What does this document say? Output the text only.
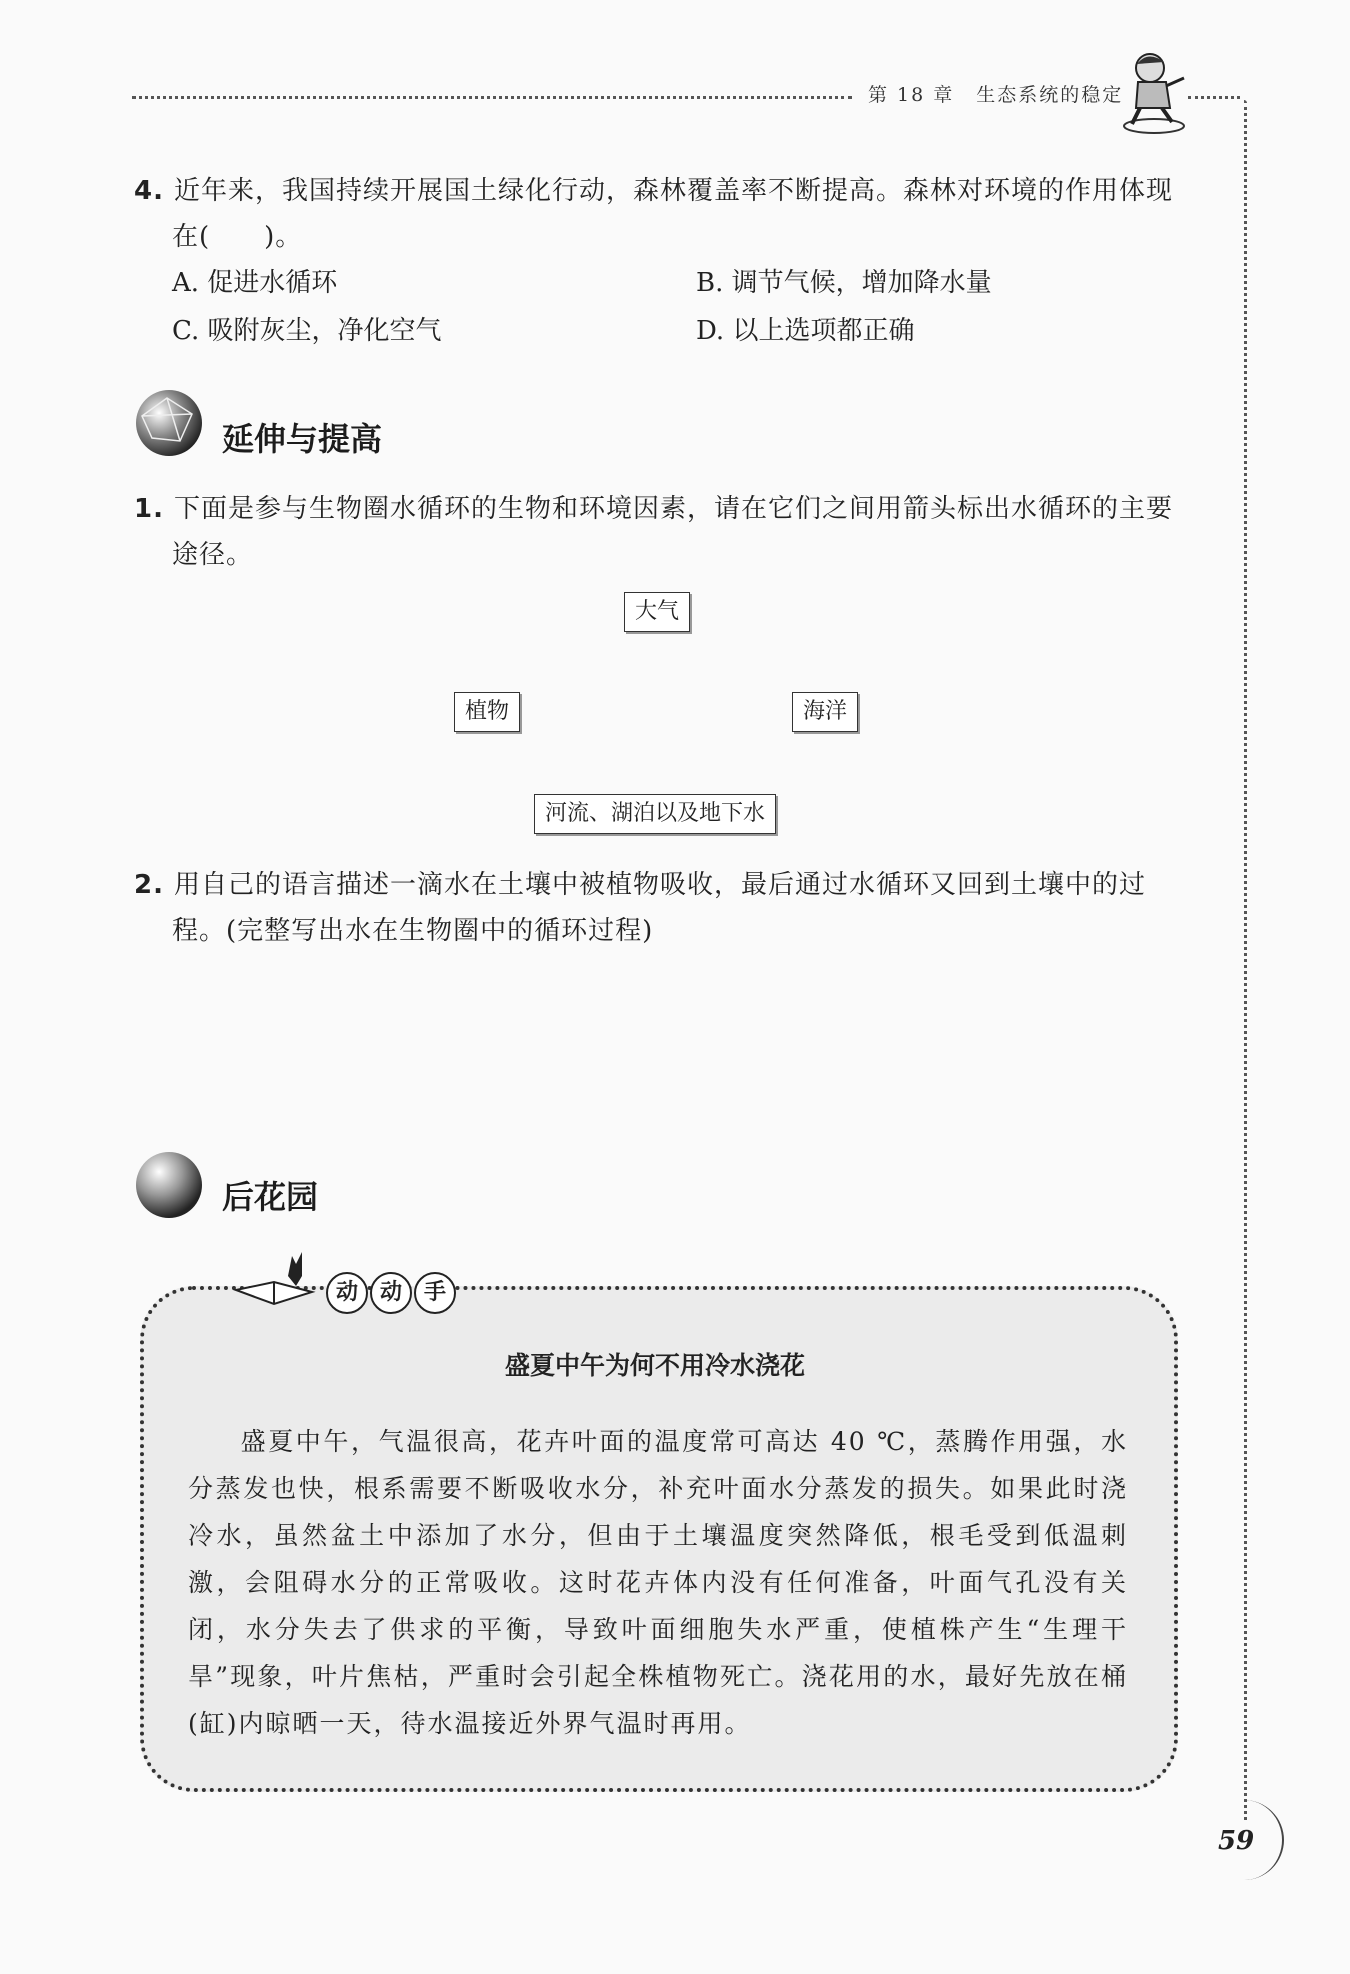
第 18 章 生态系统的稳定
4. 近年来，我国持续开展国土绿化行动，森林覆盖率不断提高。森林对环境的作用体现
在(　　)。
A. 促进水循环	B. 调节气候，增加降水量
C. 吸附灰尘，净化空气	D. 以上选项都正确
延伸与提高
1. 下面是参与生物圈水循环的生物和环境因素，请在它们之间用箭头标出水循环的主要
途径。
大气
植物	海洋
河流、湖泊以及地下水
2. 用自己的语言描述一滴水在土壤中被植物吸收，最后通过水循环又回到土壤中的过
程。(完整写出水在生物圈中的循环过程)
后花园
动 动 手
盛夏中午为何不用冷水浇花
盛夏中午，气温很高，花卉叶面的温度常可高达 40 ℃，蒸腾作用强，水分蒸发也快，根系需要不断吸收水分，补充叶面水分蒸发的损失。如果此时浇冷水，虽然盆土中添加了水分，但由于土壤温度突然降低，根毛受到低温刺激，会阻碍水分的正常吸收。这时花卉体内没有任何准备，叶面气孔没有关闭，水分失去了供求的平衡，导致叶面细胞失水严重，使植株产生“生理干旱”现象，叶片焦枯，严重时会引起全株植物死亡。浇花用的水，最好先放在桶(缸)内晾晒一天，待水温接近外界气温时再用。
59
